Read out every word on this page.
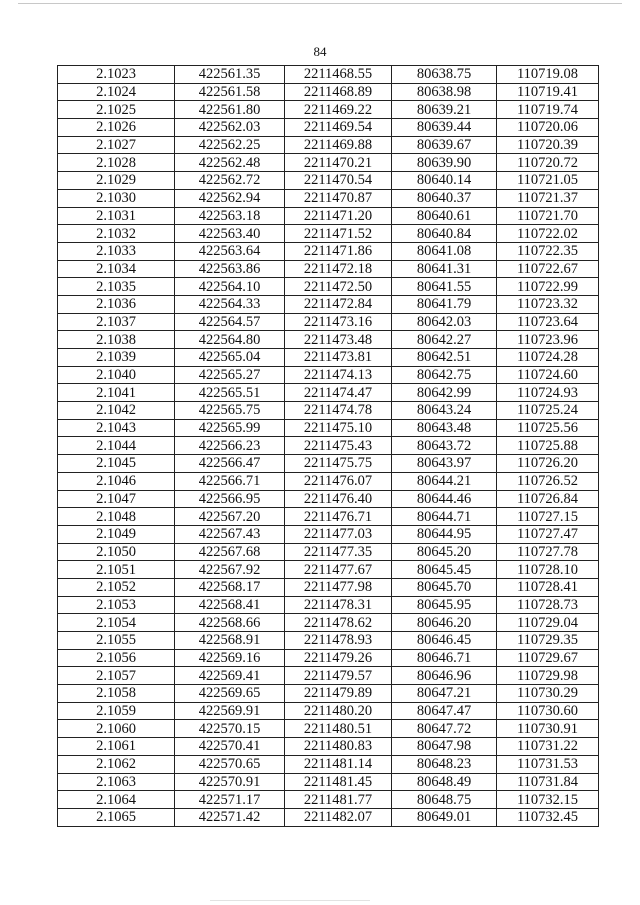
84
2.1023	422561.35	2211468.55	80638.75	110719.08
2.1024	422561.58	2211468.89	80638.98	110719.41
2.1025	422561.80	2211469.22	80639.21	110719.74
2.1026	422562.03	2211469.54	80639.44	110720.06
2.1027	422562.25	2211469.88	80639.67	110720.39
2.1028	422562.48	2211470.21	80639.90	110720.72
2.1029	422562.72	2211470.54	80640.14	110721.05
2.1030	422562.94	2211470.87	80640.37	110721.37
2.1031	422563.18	2211471.20	80640.61	110721.70
2.1032	422563.40	2211471.52	80640.84	110722.02
2.1033	422563.64	2211471.86	80641.08	110722.35
2.1034	422563.86	2211472.18	80641.31	110722.67
2.1035	422564.10	2211472.50	80641.55	110722.99
2.1036	422564.33	2211472.84	80641.79	110723.32
2.1037	422564.57	2211473.16	80642.03	110723.64
2.1038	422564.80	2211473.48	80642.27	110723.96
2.1039	422565.04	2211473.81	80642.51	110724.28
2.1040	422565.27	2211474.13	80642.75	110724.60
2.1041	422565.51	2211474.47	80642.99	110724.93
2.1042	422565.75	2211474.78	80643.24	110725.24
2.1043	422565.99	2211475.10	80643.48	110725.56
2.1044	422566.23	2211475.43	80643.72	110725.88
2.1045	422566.47	2211475.75	80643.97	110726.20
2.1046	422566.71	2211476.07	80644.21	110726.52
2.1047	422566.95	2211476.40	80644.46	110726.84
2.1048	422567.20	2211476.71	80644.71	110727.15
2.1049	422567.43	2211477.03	80644.95	110727.47
2.1050	422567.68	2211477.35	80645.20	110727.78
2.1051	422567.92	2211477.67	80645.45	110728.10
2.1052	422568.17	2211477.98	80645.70	110728.41
2.1053	422568.41	2211478.31	80645.95	110728.73
2.1054	422568.66	2211478.62	80646.20	110729.04
2.1055	422568.91	2211478.93	80646.45	110729.35
2.1056	422569.16	2211479.26	80646.71	110729.67
2.1057	422569.41	2211479.57	80646.96	110729.98
2.1058	422569.65	2211479.89	80647.21	110730.29
2.1059	422569.91	2211480.20	80647.47	110730.60
2.1060	422570.15	2211480.51	80647.72	110730.91
2.1061	422570.41	2211480.83	80647.98	110731.22
2.1062	422570.65	2211481.14	80648.23	110731.53
2.1063	422570.91	2211481.45	80648.49	110731.84
2.1064	422571.17	2211481.77	80648.75	110732.15
2.1065	422571.42	2211482.07	80649.01	110732.45
